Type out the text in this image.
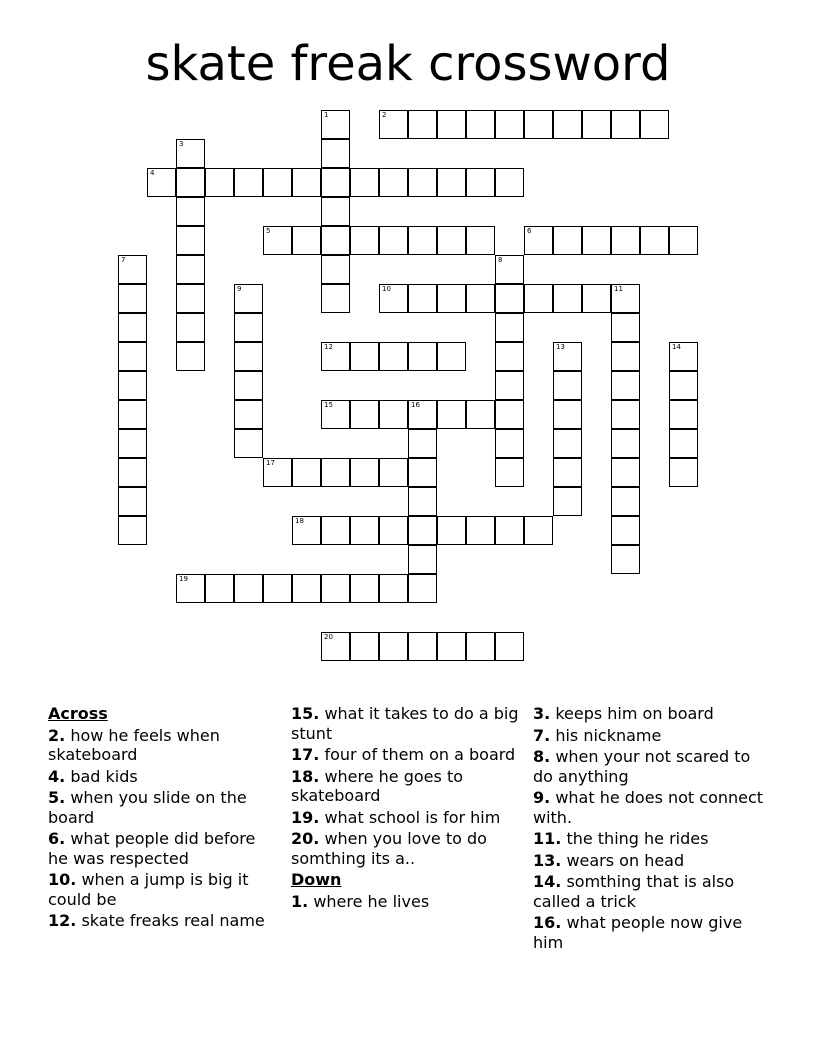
skate freak crossword
1	2
3
4
5	6
7	8
9	10	11
12	13	14
15	16
17
18
19
20
Across
2. how he feels when skateboard
4. bad kids
5. when you slide on the board
6. what people did before he was respected
10. when a jump is big it could be
12. skate freaks real name
15. what it takes to do a big stunt
17. four of them on a board
18. where he goes to skateboard
19. what school is for him
20. when you love to do somthing its a..
Down
1. where he lives
3. keeps him on board
7. his nickname
8. when your not scared to do anything
9. what he does not connect with.
11. the thing he rides
13. wears on head
14. somthing that is also called a trick
16. what people now give him
